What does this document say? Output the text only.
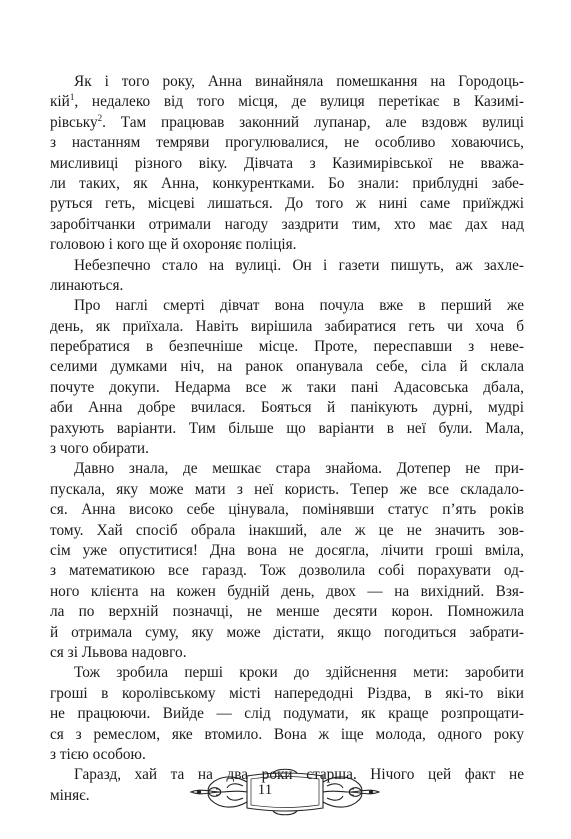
Як і того року, Анна винайняла помешкання на Городоць-
кій$^1$, недалеко від того місця, де вулиця перетікає в Казимі-
рівську$^2$. Там працював законний лупанар, але вздовж вулиці
з настанням темряви прогулювалися, не особливо ховаючись,
мисливиці різного віку. Дівчата з Казимирівської не вважа-
ли таких, як Анна, конкурентками. Бо знали: приблудні забе-
руться геть, місцеві лишаться. До того ж нині саме приїжджі
заробітчанки отримали нагоду заздрити тим, хто має дах над
головою і кого ще й охороняє поліція.
Небезпечно стало на вулиці. Он і газети пишуть, аж захле-
линаються.
Про наглі смерті дівчат вона почула вже в перший же
день, як приїхала. Навіть вирішила забиратися геть чи хоча б
перебратися в безпечніше місце. Проте, переспавши з неве-
селими думками ніч, на ранок опанувала себе, сіла й склала
почуте докупи. Недарма все ж таки пані Адасовська дбала,
аби Анна добре вчилася. Бояться й панікують дурні, мудрі
рахують варіанти. Тим більше що варіанти в неї були. Мала,
з чого обирати.
Давно знала, де мешкає стара знайома. Дотепер не при-
пускала, яку може мати з неї користь. Тепер же все складало-
ся. Анна високо себе цінувала, помінявши статус п’ять років
тому. Хай спосіб обрала інакший, але ж це не значить зов-
сім уже опуститися! Дна вона не досягла, лічити гроші вміла,
з математикою все гаразд. Тож дозволила собі порахувати од-
ного клієнта на кожен будній день, двох — на вихідний. Взя-
ла по верхній позначці, не менше десяти корон. Помножила
й отримала суму, яку може дістати, якщо погодиться забрати-
ся зі Львова надовго.
Тож зробила перші кроки до здійснення мети: заробити
гроші в королівському місті напередодні Різдва, в які-то віки
не працюючи. Вийде — слід подумати, як краще розпрощати-
ся з ремеслом, яке втомило. Вона ж іще молода, одного року
з тією особою.
Гаразд, хай та на два роки старша. Нічого цей факт не
міняє.	11
